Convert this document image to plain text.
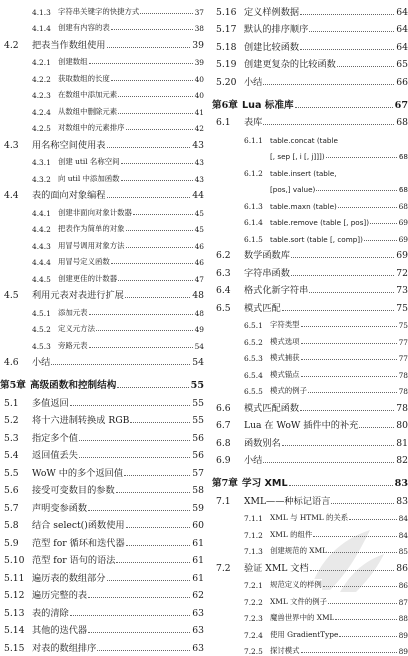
4.1.3 字符串关键字的快捷方式	37
4.1.4 创建有内容的表	38
4.2	把表当作数组使用	39
4.2.1 创建数组	39
4.2.2 获取数组的长度	40
4.2.3 在数组中添加元素	40
4.2.4 从数组中删除元素	41
4.2.5 对数组中的元素排序	42
4.3	用名称空间使用表	43
4.3.1 创建 util 名称空间	43
4.3.2 向 util 中添加函数	43
4.4	表的面向对象编程	44
4.4.1 创建非面向对象计数器	45
4.4.2 把表作为简单的对象	45
4.4.3 用冒号调用对象方法	46
4.4.4 用冒号定义函数	46
4.4.5 创建更佳的计数器	47
4.5	利用元表对表进行扩展	48
4.5.1 添加元表	48
4.5.2 定义元方法	49
4.5.3 旁路元表	54
4.6	小结	54
第5章 高级函数和控制结构	55
5.1	多值返回	55
5.2	将十六进制转换成 RGB	55
5.3	指定多个值	56
5.4	返回值丢失	56
5.5	WoW 中的多个返回值	57
5.6	接受可变数目的参数	58
5.7	声明变参函数	59
5.8	结合 select()函数使用	60
5.9	范型 for 循环和迭代器	61
5.10 范型 for 语句的语法	61
5.11 遍历表的数组部分	61
5.12 遍历完整的表	62
5.13 表的清除	63
5.14 其他的迭代器	63
5.15 对表的数组排序	63
5.16 定义样例数据	64
5.17 默认的排序顺序	64
5.18 创建比较函数	64
5.19 创建更复杂的比较函数	65
5.20 小结	66
第6章 Lua 标准库	67
6.1	表库	68
6.1.1 table.concat (table
[, sep [, i [, j]]])	68
6.1.2 table.insert (table,
[pos,] value)	68
6.1.3 table.maxn (table)	68
6.1.4 table.remove (table [, pos])	69
6.1.5 table.sort (table [, comp])	69
6.2	数学函数库	69
6.3	字符串函数	72
6.4	格式化新字符串	73
6.5	模式匹配	75
6.5.1 字符类型	75
6.5.2 模式选项	77
6.5.3 模式捕获	77
6.5.4 模式锚点	78
6.5.5 模式的例子	78
6.6	模式匹配函数	78
6.7	Lua 在 WoW 插件中的补充	80
6.8	函数别名	81
6.9	小结	82
第7章 学习 XML	83
7.1	XML——种标记语言	83
7.1.1 XML 与 HTML 的关系	84
7.1.2 XML 的组件	84
7.1.3 创建规范的 XML	85
7.2	验证 XML 文档	86
7.2.1 规范定义的样例	86
7.2.2 XML 文件的例子	87
7.2.3 魔兽世界中的 XML	88
7.2.4 使用 GradientType	89
7.2.5 探讨模式	89
